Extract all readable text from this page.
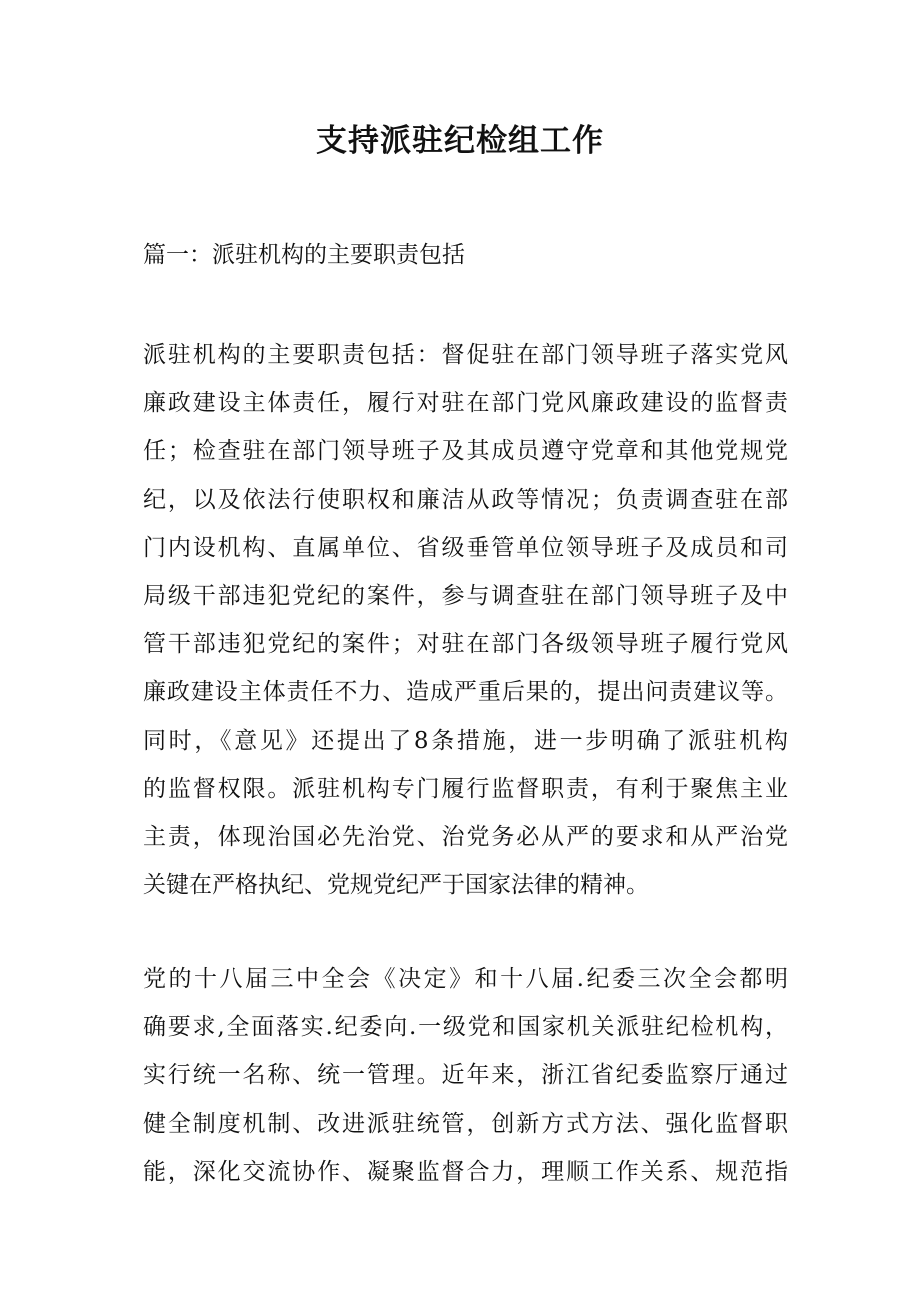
支持派驻纪检组工作

篇一：派驻机构的主要职责包括

派驻机构的主要职责包括：督促驻在部门领导班子落实党风
廉政建设主体责任，履行对驻在部门党风廉政建设的监督责
任；检查驻在部门领导班子及其成员遵守党章和其他党规党
纪，以及依法行使职权和廉洁从政等情况；负责调查驻在部
门内设机构、直属单位、省级垂管单位领导班子及成员和司
局级干部违犯党纪的案件，参与调查驻在部门领导班子及中
管干部违犯党纪的案件；对驻在部门各级领导班子履行党风
廉政建设主体责任不力、造成严重后果的，提出问责建议等。
同时，《意见》还提出了8条措施，进一步明确了派驻机构
的监督权限。派驻机构专门履行监督职责，有利于聚焦主业
主责，体现治国必先治党、治党务必从严的要求和从严治党
关键在严格执纪、党规党纪严于国家法律的精神。
党的十八届三中全会《决定》和十八届.纪委三次全会都明
确要求,全面落实.纪委向.一级党和国家机关派驻纪检机构，
实行统一名称、统一管理。近年来，浙江省纪委监察厅通过
健全制度机制、改进派驻统管，创新方式方法、强化监督职
能，深化交流协作、凝聚监督合力，理顺工作关系、规范指
